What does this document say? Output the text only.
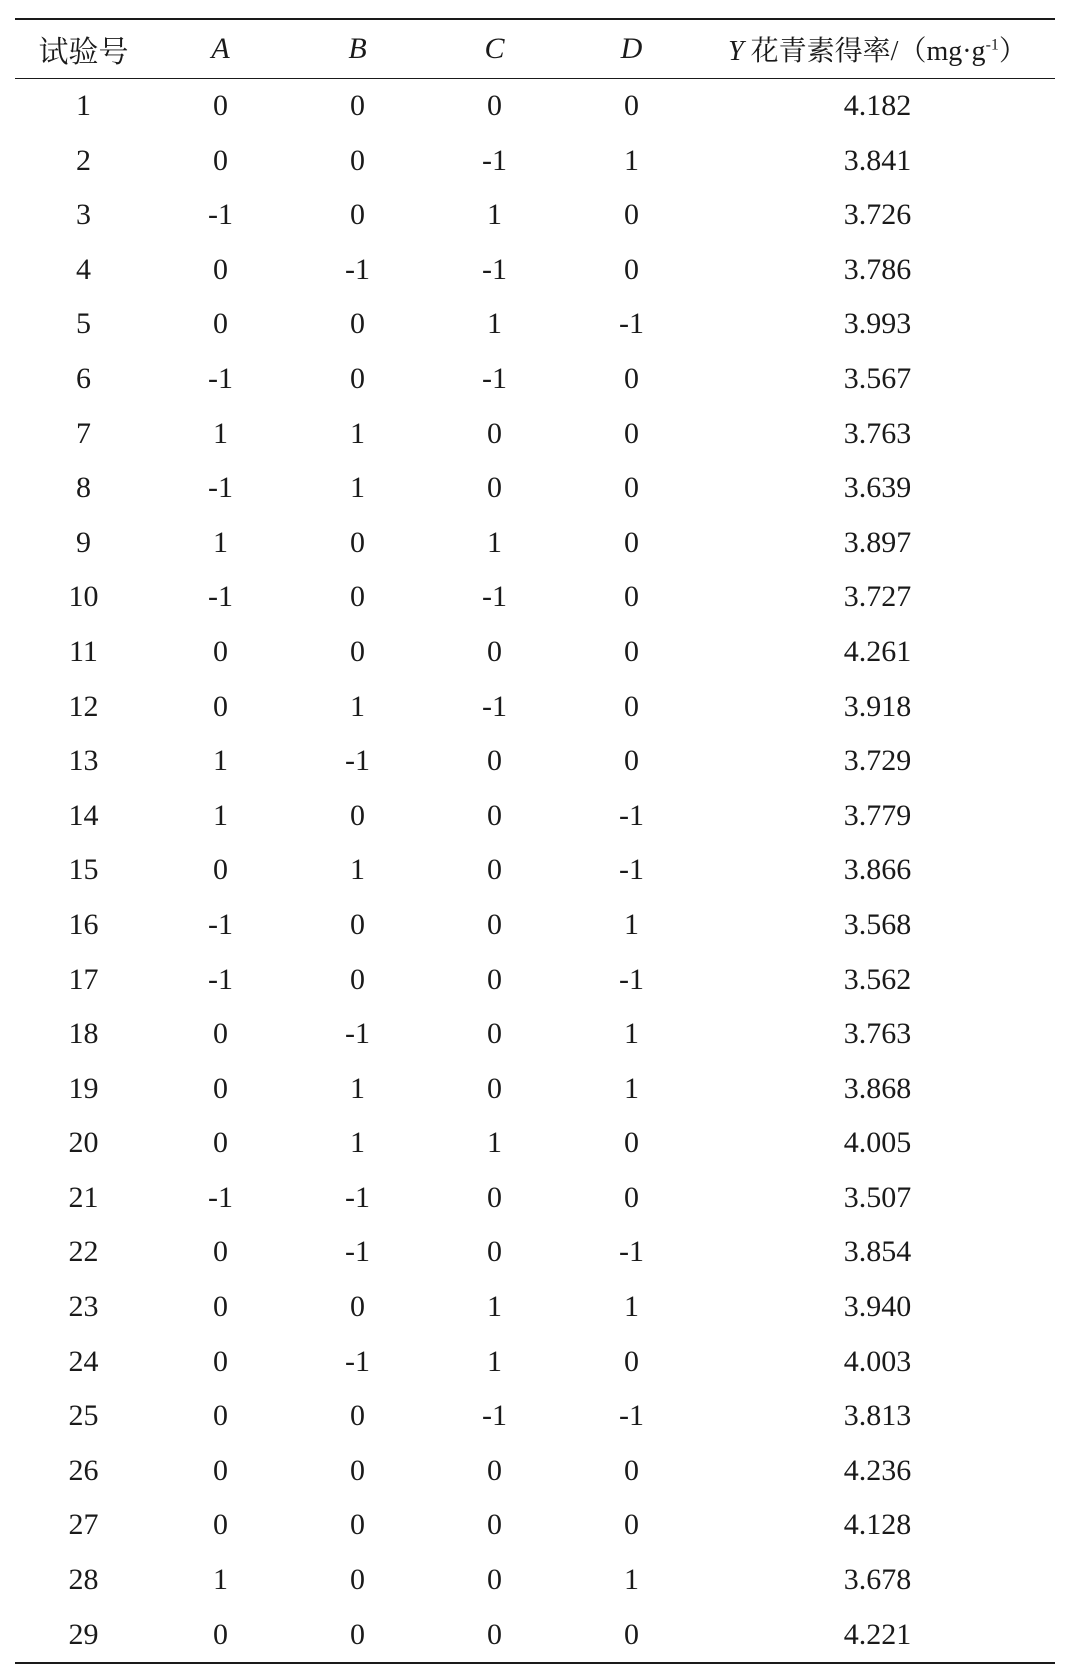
试验号	A	B	C	D	Y 花青素得率$/(mg\cdot g^{-1})$
1	0	0	0	0	4.182
2	0	0	-1	1	3.841
3	-1	0	1	0	3.726
4	0	-1	-1	0	3.786
5	0	0	1	-1	3.993
6	-1	0	-1	0	3.567
7	1	1	0	0	3.763
8	-1	1	0	0	3.639
9	1	0	1	0	3.897
10	-1	0	-1	0	3.727
11	0	0	0	0	4.261
12	0	1	-1	0	3.918
13	1	-1	0	0	3.729
14	1	0	0	-1	3.779
15	0	1	0	-1	3.866
16	-1	0	0	1	3.568
17	-1	0	0	-1	3.562
18	0	-1	0	1	3.763
19	0	1	0	1	3.868
20	0	1	1	0	4.005
21	-1	-1	0	0	3.507
22	0	-1	0	-1	3.854
23	0	0	1	1	3.940
24	0	-1	1	0	4.003
25	0	0	-1	-1	3.813
26	0	0	0	0	4.236
27	0	0	0	0	4.128
28	1	0	0	1	3.678
29	0	0	0	0	4.221
